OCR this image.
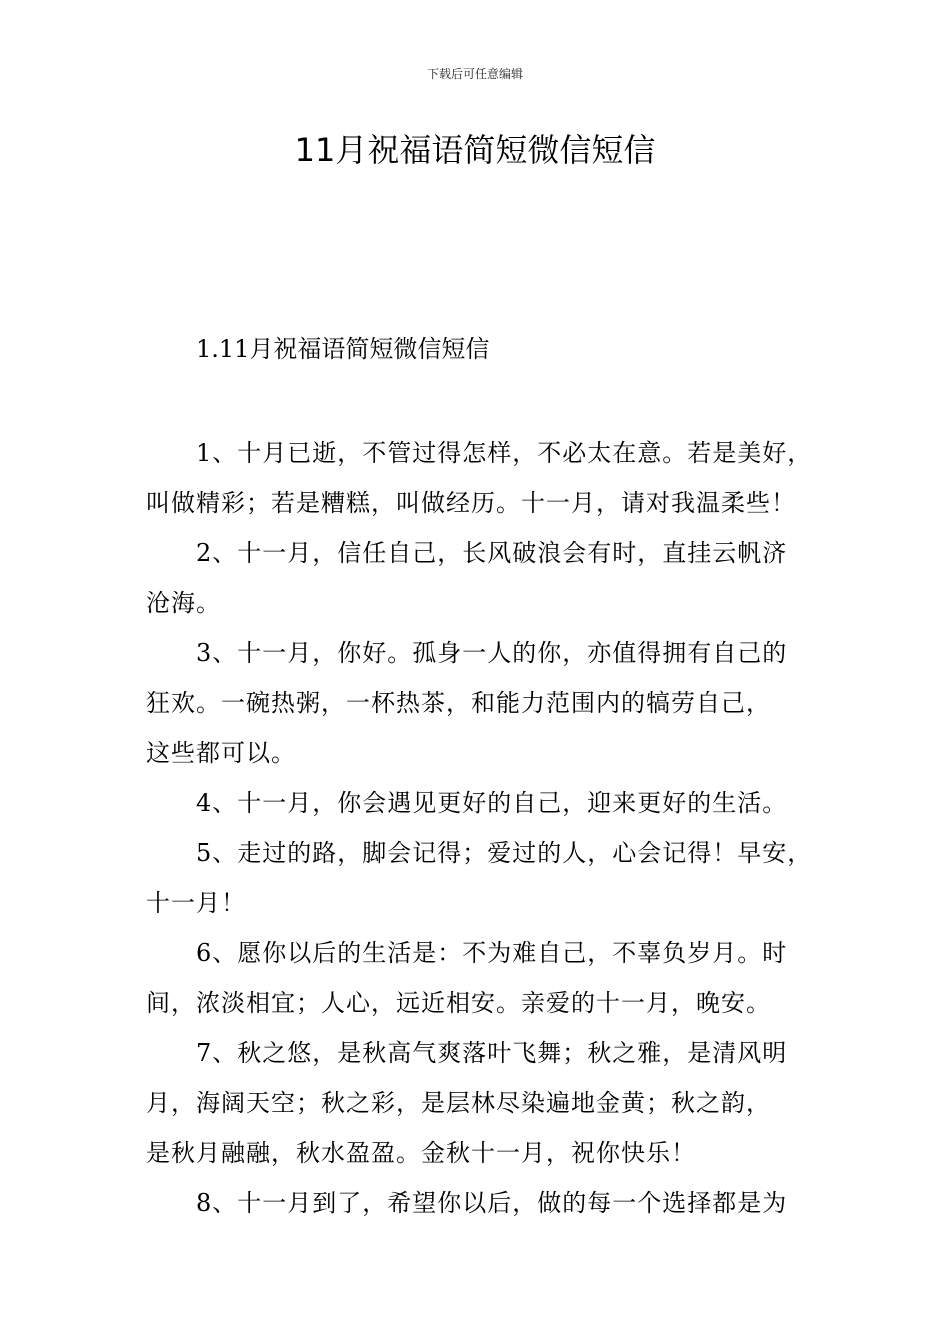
下载后可任意编辑
11月祝福语简短微信短信
1.11月祝福语简短微信短信

1、十月已逝，不管过得怎样，不必太在意。若是美好，
叫做精彩；若是糟糕，叫做经历。十一月，请对我温柔些！

2、十一月，信任自己，长风破浪会有时，直挂云帆济
沧海。

3、十一月，你好。孤身一人的你，亦值得拥有自己的
狂欢。一碗热粥，一杯热茶，和能力范围内的犒劳自己，
这些都可以。

4、十一月，你会遇见更好的自己，迎来更好的生活。

5、走过的路，脚会记得；爱过的人，心会记得！早安，
十一月！

6、愿你以后的生活是：不为难自己，不辜负岁月。时
间，浓淡相宜；人心，远近相安。亲爱的十一月，晚安。

7、秋之悠，是秋高气爽落叶飞舞；秋之雅，是清风明
月，海阔天空；秋之彩，是层林尽染遍地金黄；秋之韵，
是秋月融融，秋水盈盈。金秋十一月，祝你快乐！

8、十一月到了，希望你以后，做的每一个选择都是为
